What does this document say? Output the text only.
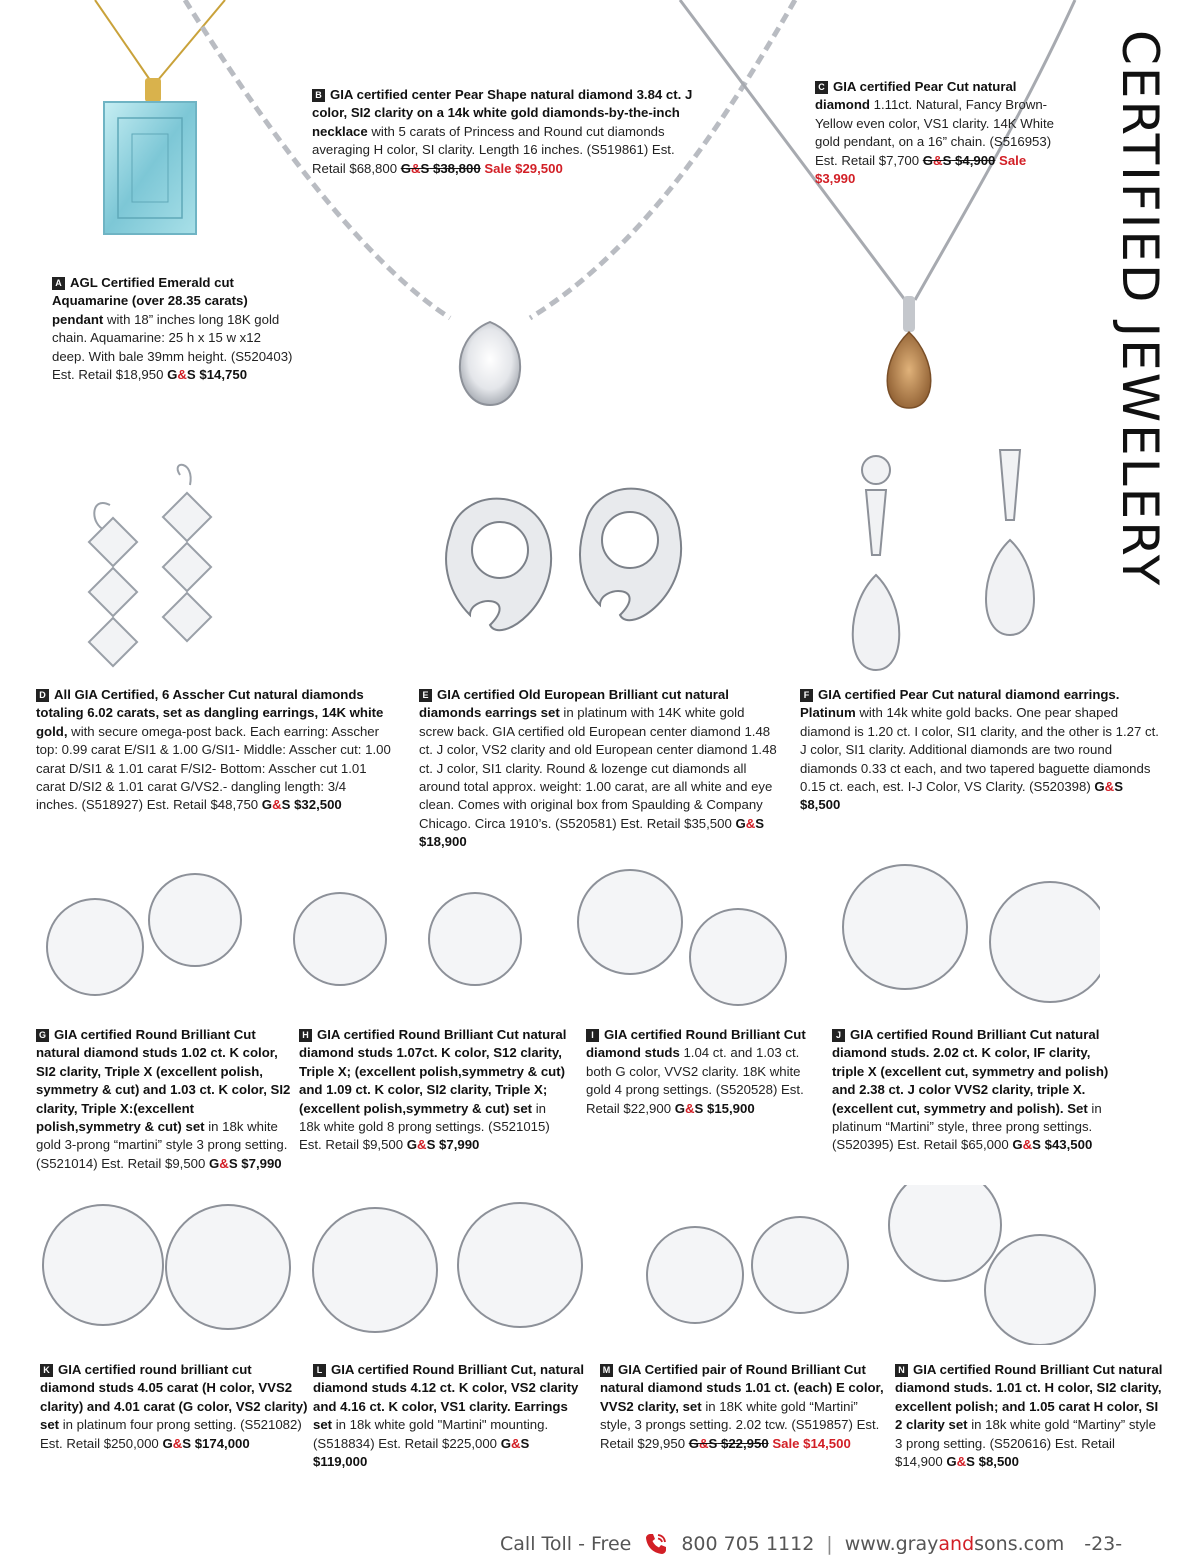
CERTIFIED JEWELERY
A AGL Certified Emerald cut Aquamarine (over 28.35 carats) pendant with 18” inches long 18K gold chain. Aquamarine: 25 h x 15 w x12 deep. With bale 39mm height. (S520403) Est. Retail $18,950 G&S $14,750
B GIA certified center Pear Shape natural diamond 3.84 ct. J color, SI2 clarity on a 14k white gold diamonds-by-the-inch necklace with 5 carats of Princess and Round cut diamonds averaging H color, SI clarity. Length 16 inches. (S519861) Est. Retail $68,800 G&S $38,800 Sale $29,500
C GIA certified Pear Cut natural diamond 1.11ct. Natural, Fancy Brown-Yellow even color, VS1 clarity. 14K White gold pendant, on a 16” chain. (S516953) Est. Retail $7,700 G&S $4,900 Sale $3,990
D All GIA Certified, 6 Asscher Cut natural diamonds totaling 6.02 carats, set as dangling earrings, 14K white gold, with secure omega-post back. Each earring: Asscher top: 0.99 carat E/SI1 & 1.00 G/SI1- Middle: Asscher cut: 1.00 carat D/SI1 & 1.01 carat F/SI2- Bottom: Asscher cut 1.01 carat D/SI2 & 1.01 carat G/VS2.- dangling length: 3/4 inches. (S518927) Est. Retail $48,750 G&S $32,500
E GIA certified Old European Brilliant cut natural diamonds earrings set in platinum with 14K white gold screw back. GIA certified old European center diamond 1.48 ct. J color, VS2 clarity and old European center diamond 1.48 ct. J color, SI1 clarity. Round & lozenge cut diamonds all around total approx. weight: 1.00 carat, are all white and eye clean. Comes with original box from Spaulding & Company Chicago. Circa 1910’s. (S520581) Est. Retail $35,500 G&S $18,900
F GIA certified Pear Cut natural diamond earrings. Platinum with 14k white gold backs. One pear shaped diamond is 1.20 ct. I color, SI1 clarity, and the other is 1.27 ct. J color, SI1 clarity. Additional diamonds are two round diamonds 0.33 ct each, and two tapered baguette diamonds 0.15 ct. each, est. I-J Color, VS Clarity. (S520398) G&S $8,500
G GIA certified Round Brilliant Cut natural diamond studs 1.02 ct. K color, SI2 clarity, Triple X (excellent polish, symmetry & cut) and 1.03 ct. K color, SI2 clarity, Triple X:(excellent polish,symmetry & cut) set in 18k white gold 3-prong “martini” style 3 prong setting. (S521014) Est. Retail $9,500 G&S $7,990
H GIA certified Round Brilliant Cut natural diamond studs 1.07ct. K color, S12 clarity, Triple X; (excellent polish,symmetry & cut) and 1.09 ct. K color, SI2 clarity, Triple X; (excellent polish,symmetry & cut) set in 18k white gold 8 prong settings. (S521015) Est. Retail $9,500 G&S $7,990
I GIA certified Round Brilliant Cut diamond studs 1.04 ct. and 1.03 ct. both G color, VVS2 clarity. 18K white gold 4 prong settings. (S520528) Est. Retail $22,900 G&S $15,900
J GIA certified Round Brilliant Cut natural diamond studs. 2.02 ct. K color, IF clarity, triple X (excellent cut, symmetry and polish) and 2.38 ct. J color VVS2 clarity, triple X. (excellent cut, symmetry and polish). Set in platinum “Martini” style, three prong settings. (S520395) Est. Retail $65,000 G&S $43,500
K GIA certified round brilliant cut diamond studs 4.05 carat (H color, VVS2 clarity) and 4.01 carat (G color, VS2 clarity) set in platinum four prong setting. (S521082) Est. Retail $250,000 G&S $174,000
L GIA certified Round Brilliant Cut, natural diamond studs 4.12 ct. K color, VS2 clarity and 4.16 ct. K color, VS1 clarity. Earrings set in 18k white gold "Martini" mounting. (S518834) Est. Retail $225,000 G&S $119,000
M GIA Certified pair of Round Brilliant Cut natural diamond studs 1.01 ct. (each) E color, VVS2 clarity, set in 18K white gold “Martini” style, 3 prongs setting. 2.02 tcw. (S519857) Est. Retail $29,950 G&S $22,950 Sale $14,500
N GIA certified Round Brilliant Cut natural diamond studs. 1.01 ct. H color, SI2 clarity, excellent polish; and 1.05 carat H color, SI 2 clarity set in 18k white gold “Martiny” style 3 prong setting. (S520616) Est. Retail $14,900 G&S $8,500
Call Toll - Free	800 705 1112 | www.grayandsons.com -23-
